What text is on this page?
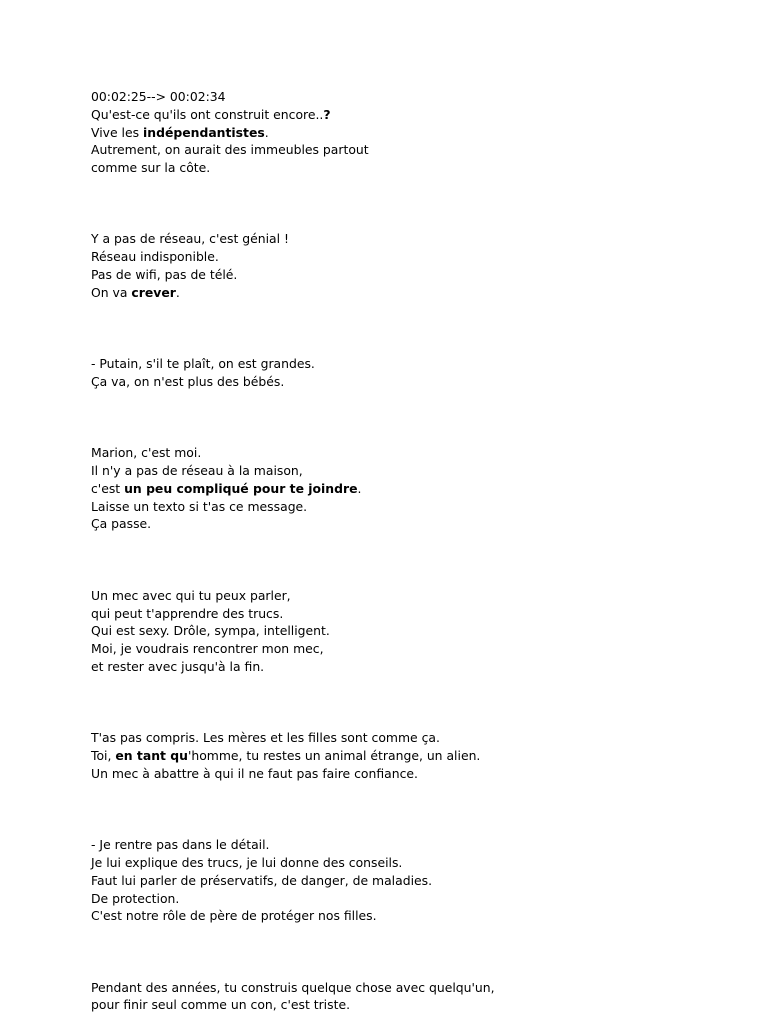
00:02:25--> 00:02:34
Qu'est-ce qu'ils ont construit encore..?
Vive les indépendantistes.
Autrement, on aurait des immeubles partout
comme sur la côte.
Y a pas de réseau, c'est génial !
Réseau indisponible.
Pas de wifi, pas de télé.
On va crever.
- Putain, s'il te plaît, on est grandes.
Ça va, on n'est plus des bébés.
Marion, c'est moi.
Il n'y a pas de réseau à la maison,
c'est un peu compliqué pour te joindre.
Laisse un texto si t'as ce message.
Ça passe.
Un mec avec qui tu peux parler,
qui peut t'apprendre des trucs.
Qui est sexy. Drôle, sympa, intelligent.
Moi, je voudrais rencontrer mon mec,
et rester avec jusqu'à la fin.
T'as pas compris. Les mères et les filles sont comme ça.
Toi, en tant qu'homme, tu restes un animal étrange, un alien.
Un mec à abattre à qui il ne faut pas faire confiance.
- Je rentre pas dans le détail.
Je lui explique des trucs, je lui donne des conseils.
Faut lui parler de préservatifs, de danger, de maladies.
De protection.
C'est notre rôle de père de protéger nos filles.
Pendant des années, tu construis quelque chose avec quelqu'un,
pour finir seul comme un con, c'est triste.
